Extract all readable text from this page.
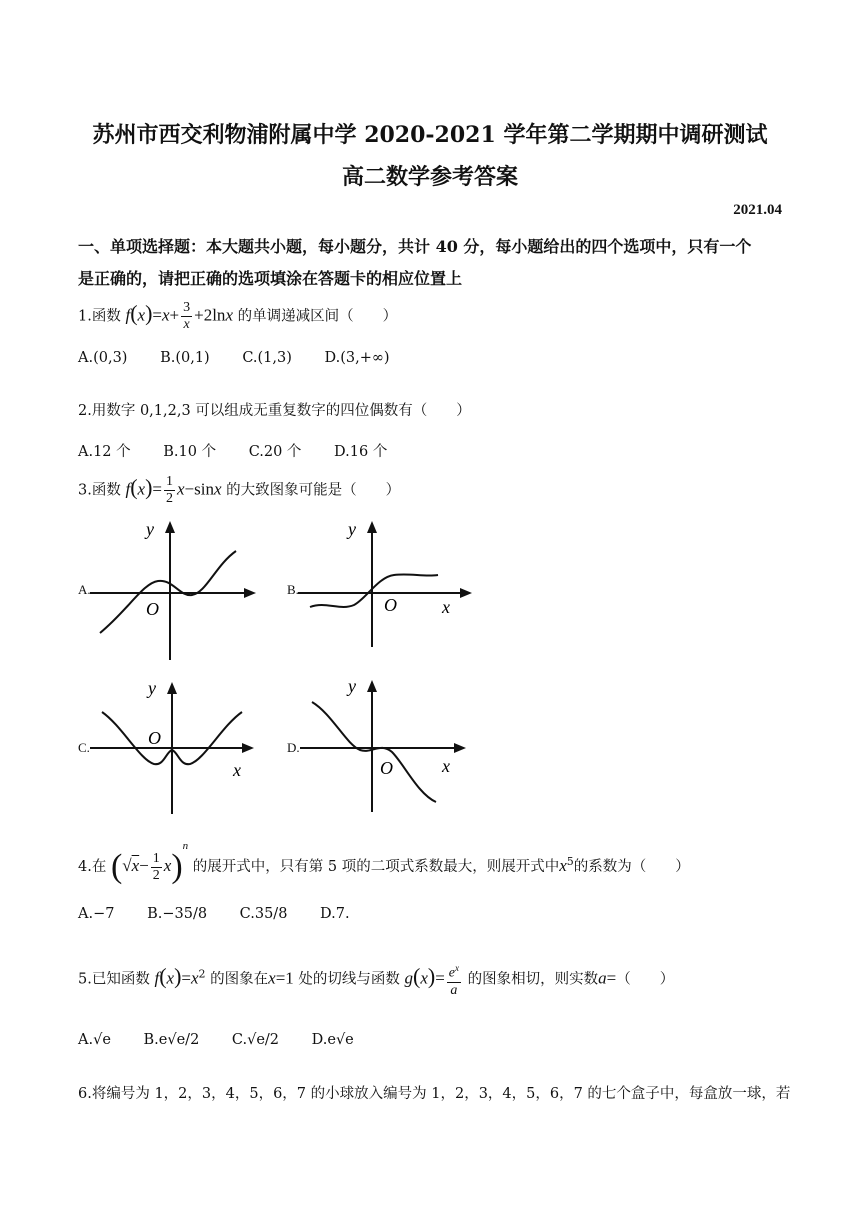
苏州市西交利物浦附属中学 2020-2021 学年第二学期期中调研测试
高二数学参考答案
2021.04
一、单项选择题：本大题共小题，每小题分，共计 40 分，每小题给出的四个选项中，只有一个
是正确的，请把正确的选项填涂在答题卡的相应位置上
1.函数 $f(x)=x+ \frac{3}{x} +2\ln x$ 的单调递减区间（　　）
A.(0,3) B.(0,1) C.(1,3) D.(3,+∞)
2.用数字 0,1,2,3 可以组成无重复数字的四位偶数有（　　）
A.12 个 B.10 个 C.20 个 D.16 个
3.函数 $f(x)= \frac{1}{2} x-\sin x$ 的大致图象可能是（　　）
A.
y
O
B.
y
O	x
C.
y
O
x
D.
y
O	x
4.在 $(√x- \frac{1}{2} x)^n$ 的展开式中，只有第 5 项的二项式系数最大，则展开式中$x^5$的系数为（　　）
A.−7 B.−35/8 C.35/8 D.7.
5.已知函数 $f(x)=x^2$ 的图象在x=1 处的切线与函数 $g(x)= \frac{e^x}{a}$ 的图象相切，则实数a=（　　）
A.√e B.e√e/2 C.√e/2 D.e√e
6.将编号为 1，2，3，4，5，6，7 的小球放入编号为 1，2，3，4，5，6，7 的七个盒子中，每盒放一球，若
